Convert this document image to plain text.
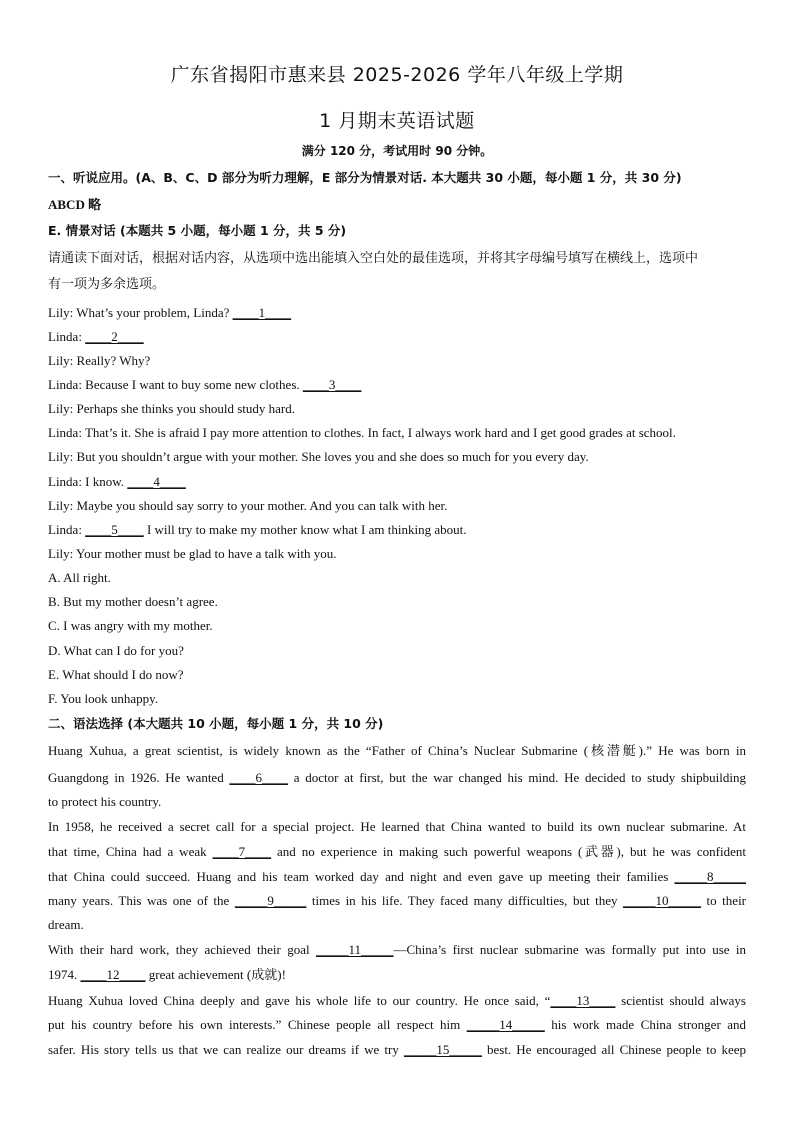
广东省揭阳市惠来县 2025-2026 学年八年级上学期
1 月期末英语试题
满分 120 分，考试用时 90 分钟。
一、听说应用。(A、B、C、D 部分为听力理解，E 部分为情景对话. 本大题共 30 小题，每小题 1 分，共 30 分)
ABCD 略
E. 情景对话 (本题共 5 小题，每小题 1 分，共 5 分)
请通读下面对话，根据对话内容，从选项中选出能填入空白处的最佳选项，并将其字母编号填写在横线上，选项中
有一项为多余选项。
Lily: What’s your problem, Linda? ____1____
Linda: ____2____
Lily: Really? Why?
Linda: Because I want to buy some new clothes. ____3____
Lily: Perhaps she thinks you should study hard.
Linda: That’s it. She is afraid I pay more attention to clothes. In fact, I always work hard and I get good grades at school.
Lily: But you shouldn’t argue with your mother. She loves you and she does so much for you every day.
Linda: I know. ____4____
Lily: Maybe you should say sorry to your mother. And you can talk with her.
Linda: ____5____ I will try to make my mother know what I am thinking about.
Lily: Your mother must be glad to have a talk with you.
A. All right.
B. But my mother doesn’t agree.
C. I was angry with my mother.
D. What can I do for you?
E. What should I do now?
F. You look unhappy.
二、语法选择 (本大题共 10 小题，每小题 1 分，共 10 分)
Huang Xuhua, a great scientist, is widely known as the “Father of China’s Nuclear Submarine (核潜艇).” He was born in
Guangdong in 1926. He wanted ____6____ a doctor at first, but the war changed his mind. He decided to study shipbuilding
to protect his country.
In 1958, he received a secret call for a special project. He learned that China wanted to build its own nuclear submarine. At
that time, China had a weak ____7____ and no experience in making such powerful weapons (武器), but he was confident
that China could succeed. Huang and his team worked day and night and even gave up meeting their families _____8_____
many years. This was one of the _____9_____ times in his life. They faced many difficulties, but they _____10_____ to their
dream.
With their hard work, they achieved their goal _____11_____—China’s first nuclear submarine was formally put into use in
1974. ____12____ great achievement (成就)!
Huang Xuhua loved China deeply and gave his whole life to our country. He once said, “____13____ scientist should always
put his country before his own interests.” Chinese people all respect him _____14_____ his work made China stronger and
safer. His story tells us that we can realize our dreams if we try _____15_____ best. He encouraged all Chinese people to keep
